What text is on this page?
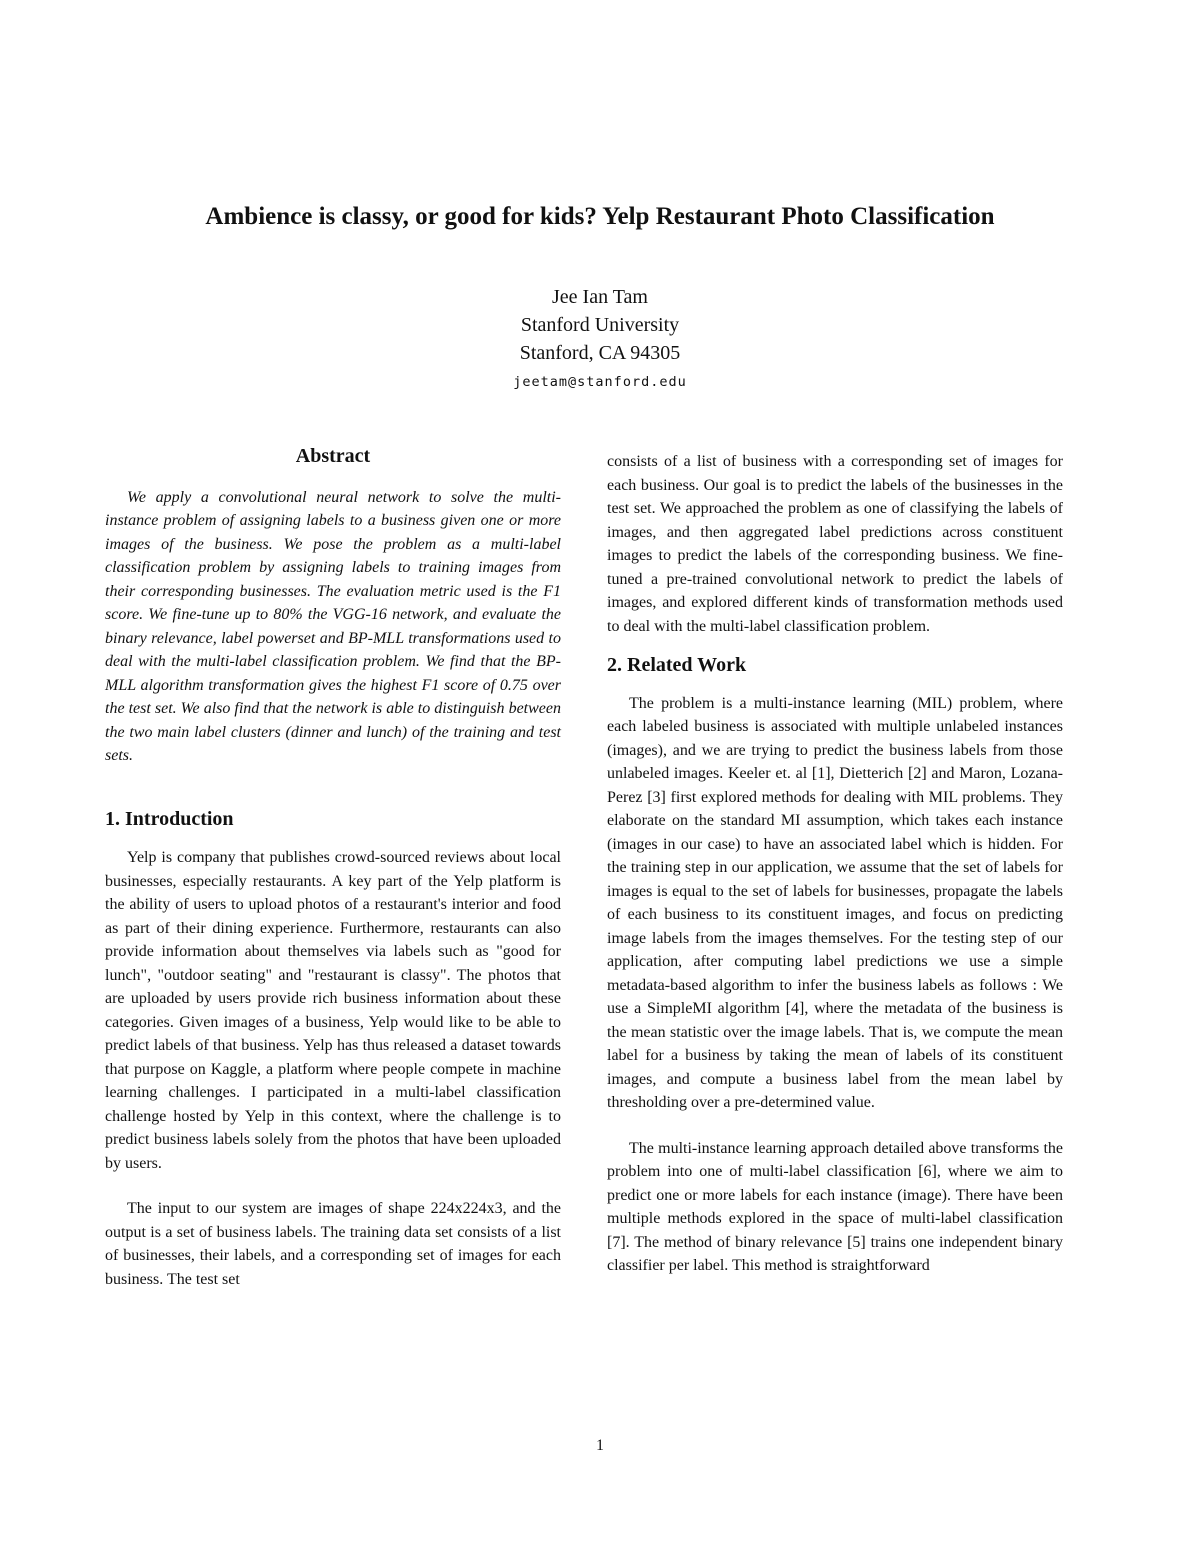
Ambience is classy, or good for kids? Yelp Restaurant Photo Classification
Jee Ian Tam
Stanford University
Stanford, CA 94305
jeetam@stanford.edu
Abstract

We apply a convolutional neural network to solve the multi-instance problem of assigning labels to a business given one or more images of the business. We pose the problem as a multi-label classification problem by assigning labels to training images from their corresponding businesses. The evaluation metric used is the F1 score. We fine-tune up to 80% the VGG-16 network, and evaluate the binary relevance, label powerset and BP-MLL transformations used to deal with the multi-label classification problem. We find that the BP-MLL algorithm transformation gives the highest F1 score of 0.75 over the test set. We also find that the network is able to distinguish between the two main label clusters (dinner and lunch) of the training and test sets.

1. Introduction

Yelp is company that publishes crowd-sourced reviews about local businesses, especially restaurants. A key part of the Yelp platform is the ability of users to upload photos of a restaurant's interior and food as part of their dining experience. Furthermore, restaurants can also provide information about themselves via labels such as "good for lunch", "outdoor seating" and "restaurant is classy". The photos that are uploaded by users provide rich business information about these categories. Given images of a business, Yelp would like to be able to predict labels of that business. Yelp has thus released a dataset towards that purpose on Kaggle, a platform where people compete in machine learning challenges. I participated in a multi-label classification challenge hosted by Yelp in this context, where the challenge is to predict business labels solely from the photos that have been uploaded by users.

The input to our system are images of shape 224x224x3, and the output is a set of business labels. The training data set consists of a list of businesses, their labels, and a corresponding set of images for each business. The test set

consists of a list of business with a corresponding set of images for each business. Our goal is to predict the labels of the businesses in the test set. We approached the problem as one of classifying the labels of images, and then aggregated label predictions across constituent images to predict the labels of the corresponding business. We fine-tuned a pre-trained convolutional network to predict the labels of images, and explored different kinds of transformation methods used to deal with the multi-label classification problem.

2. Related Work

The problem is a multi-instance learning (MIL) problem, where each labeled business is associated with multiple unlabeled instances (images), and we are trying to predict the business labels from those unlabeled images. Keeler et. al [1], Dietterich [2] and Maron, Lozana-Perez [3] first explored methods for dealing with MIL problems. They elaborate on the standard MI assumption, which takes each instance (images in our case) to have an associated label which is hidden. For the training step in our application, we assume that the set of labels for images is equal to the set of labels for businesses, propagate the labels of each business to its constituent images, and focus on predicting image labels from the images themselves. For the testing step of our application, after computing label predictions we use a simple metadata-based algorithm to infer the business labels as follows : We use a SimpleMI algorithm [4], where the metadata of the business is the mean statistic over the image labels. That is, we compute the mean label for a business by taking the mean of labels of its constituent images, and compute a business label from the mean label by thresholding over a pre-determined value.

The multi-instance learning approach detailed above transforms the problem into one of multi-label classification [6], where we aim to predict one or more labels for each instance (image). There have been multiple methods explored in the space of multi-label classification [7]. The method of binary relevance [5] trains one independent binary classifier per label. This method is straightforward

1
